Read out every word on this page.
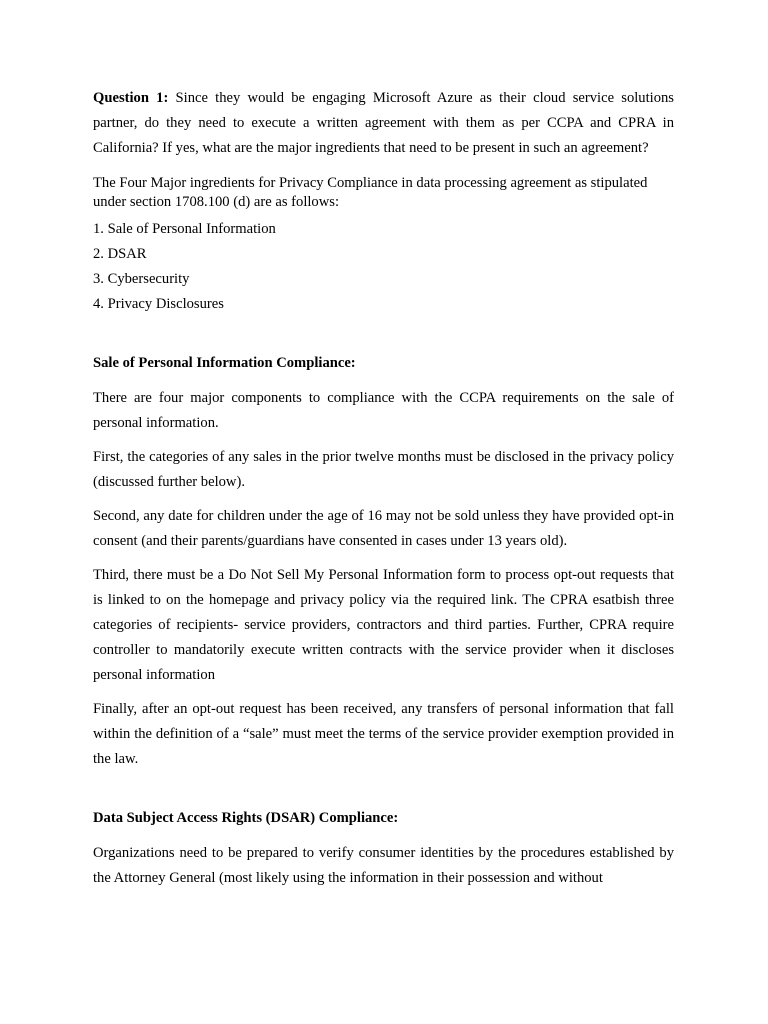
Question 1: Since they would be engaging Microsoft Azure as their cloud service solutions partner, do they need to execute a written agreement with them as per CCPA and CPRA in California? If yes, what are the major ingredients that need to be present in such an agreement?

The Four Major ingredients for Privacy Compliance in data processing agreement as stipulated under section 1708.100 (d) are as follows:

1. Sale of Personal Information

2. DSAR

3. Cybersecurity

4. Privacy Disclosures

Sale of Personal Information Compliance:

There are four major components to compliance with the CCPA requirements on the sale of personal information.

First, the categories of any sales in the prior twelve months must be disclosed in the privacy policy (discussed further below).

Second, any date for children under the age of 16 may not be sold unless they have provided opt-in consent (and their parents/guardians have consented in cases under 13 years old).

Third, there must be a Do Not Sell My Personal Information form to process opt-out requests that is linked to on the homepage and privacy policy via the required link. The CPRA esatbish three categories of recipients- service providers, contractors and third parties. Further, CPRA require controller to mandatorily execute written contracts with the service provider when it discloses personal information

Finally, after an opt-out request has been received, any transfers of personal information that fall within the definition of a “sale” must meet the terms of the service provider exemption provided in the law.

Data Subject Access Rights (DSAR) Compliance:

Organizations need to be prepared to verify consumer identities by the procedures established by the Attorney General (most likely using the information in their possession and without
